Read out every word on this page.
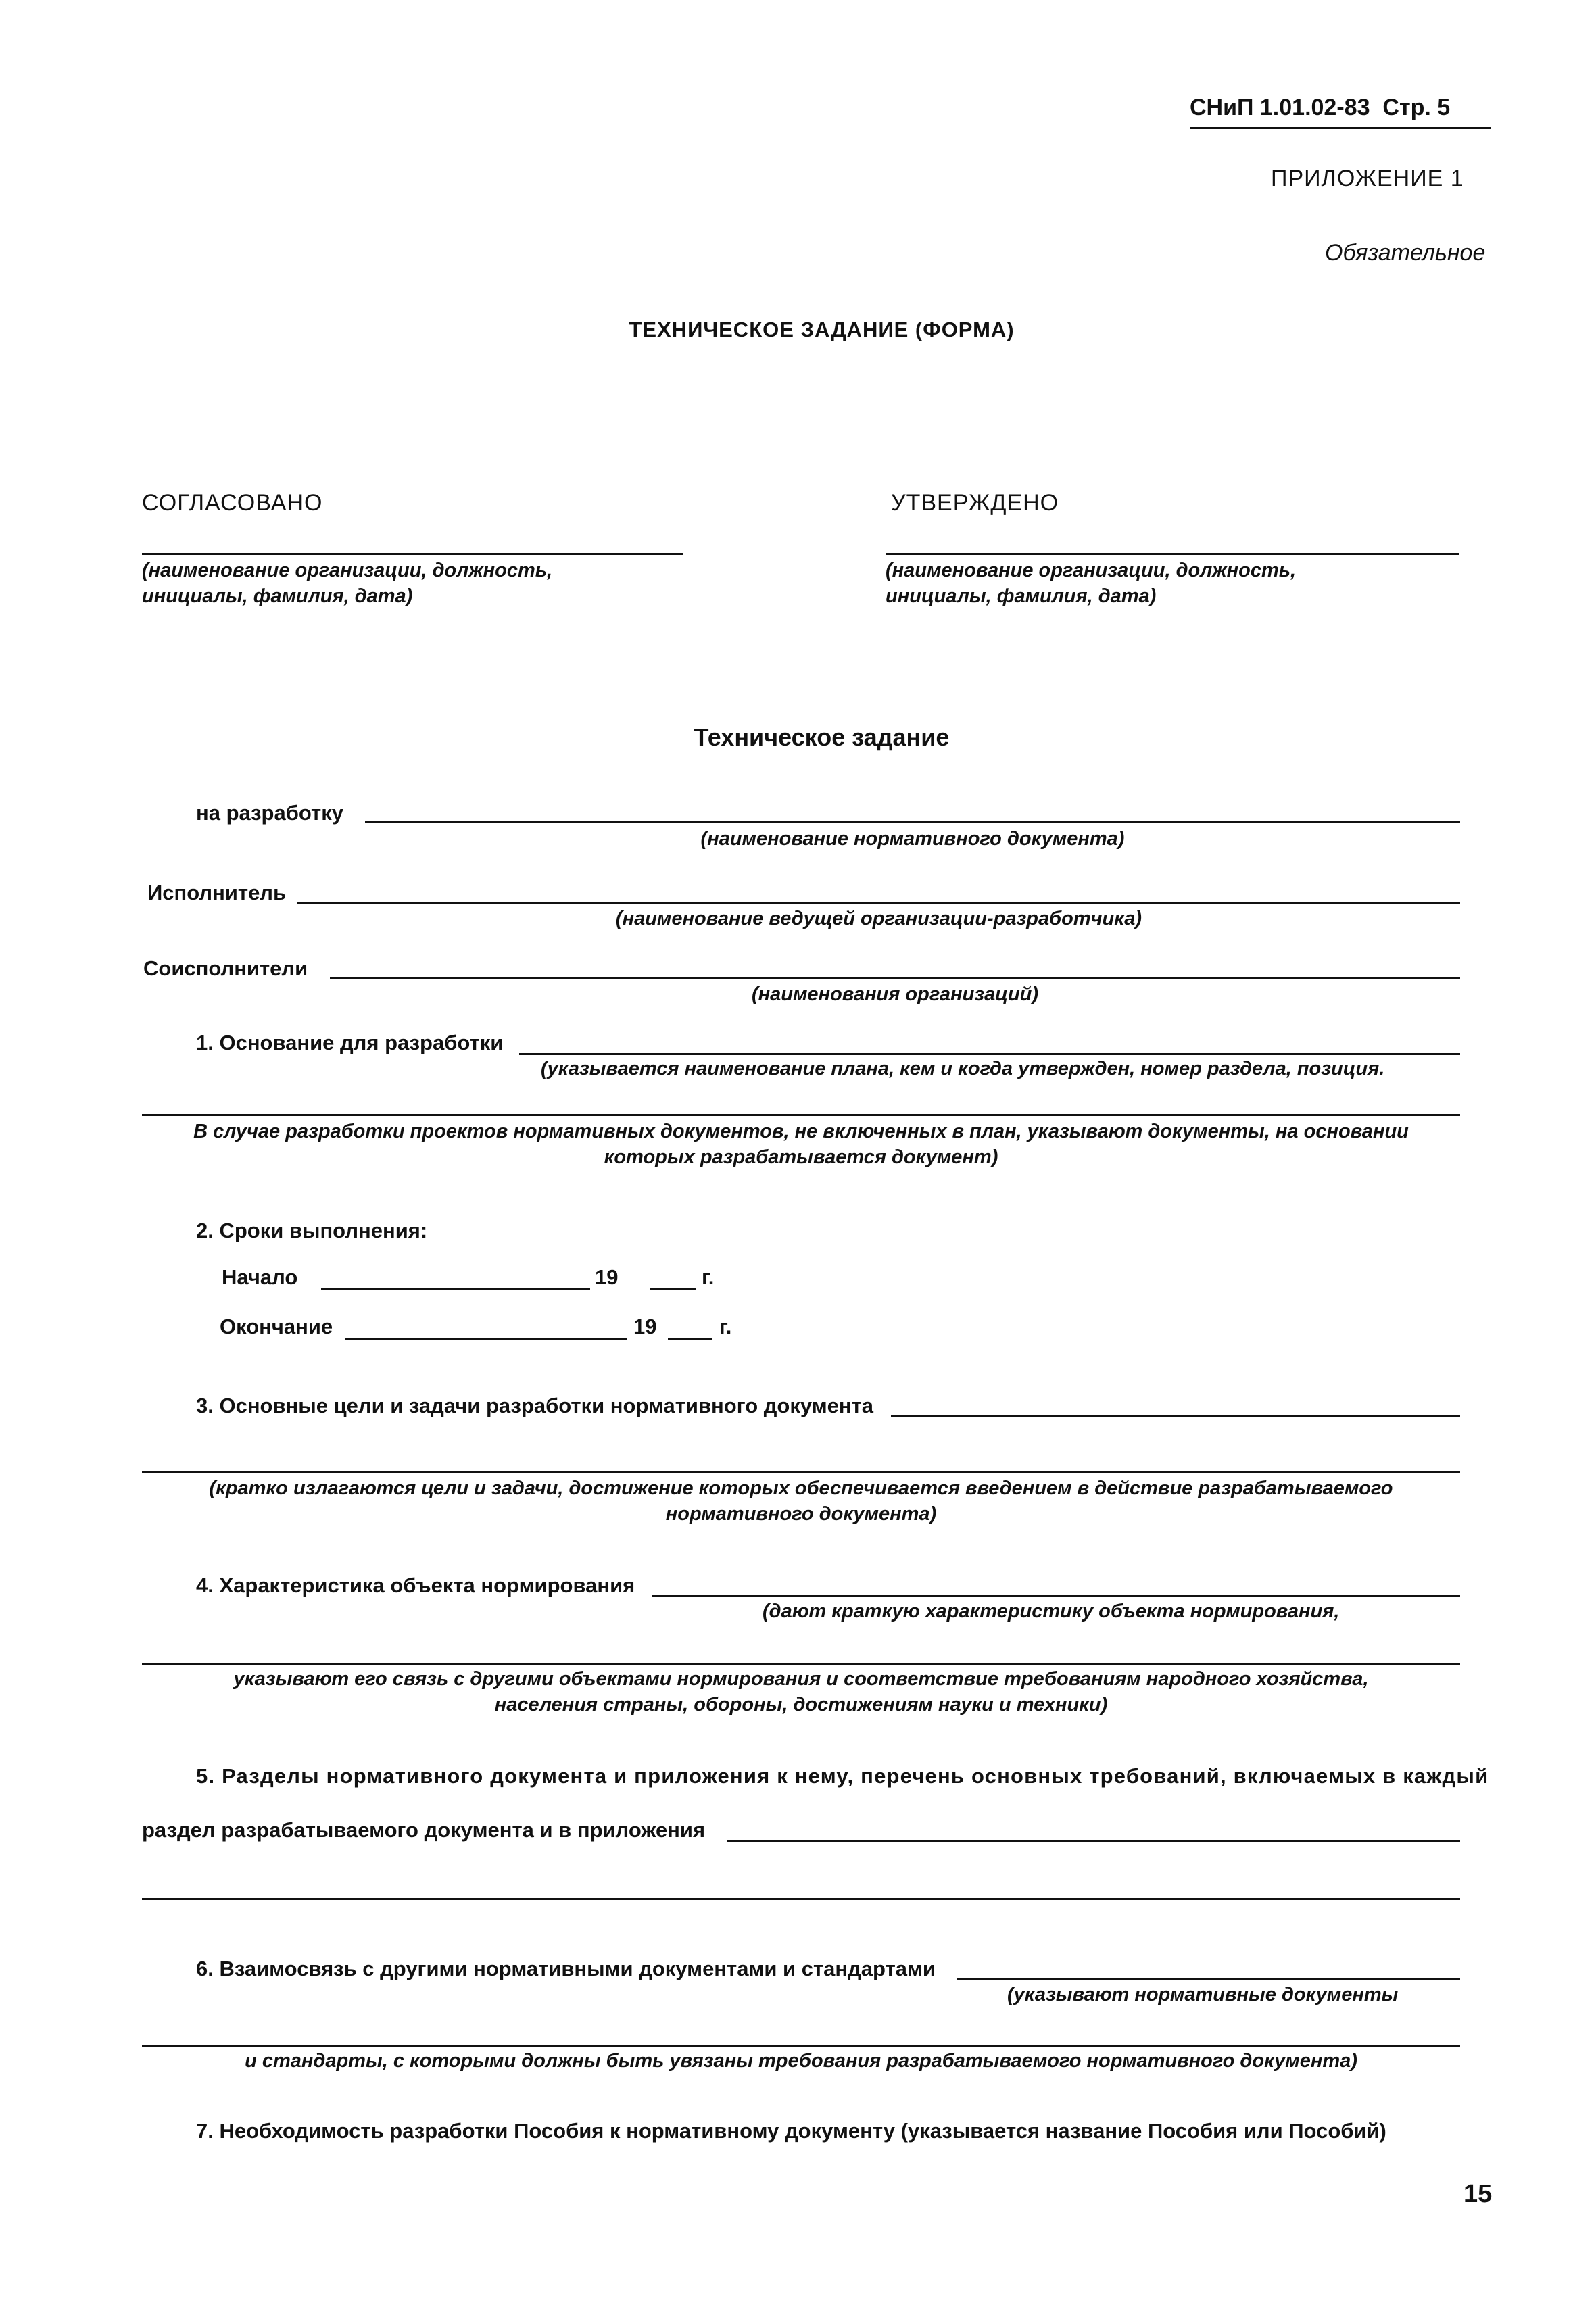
СНиП 1.01.02-83 Стр. 5
ПРИЛОЖЕНИЕ 1
Обязательное
ТЕХНИЧЕСКОЕ ЗАДАНИЕ (ФОРМА)
СОГЛАСОВАНО
(наименование организации, должность,
инициалы, фамилия, дата)
УТВЕРЖДЕНО
(наименование организации, должность,
инициалы, фамилия, дата)
Техническое задание
на разработку
(наименование нормативного документа)
Исполнитель
(наименование ведущей организации-разработчика)
Соисполнители
(наименования организаций)
1. Основание для разработки
(указывается наименование плана, кем и когда утвержден, номер раздела, позиция.
В случае разработки проектов нормативных документов, не включенных в план, указывают документы, на основании
которых разрабатывается документ)
2. Сроки выполнения:
Начало	19	г.
Окончание	19	г.
3. Основные цели и задачи разработки нормативного документа
(кратко излагаются цели и задачи, достижение которых обеспечивается введением в действие разрабатываемого
нормативного документа)
4. Характеристика объекта нормирования
(дают краткую характеристику объекта нормирования,
указывают его связь с другими объектами нормирования и соответствие требованиям народного хозяйства,
населения страны, обороны, достижениям науки и техники)
5. Разделы нормативного документа и приложения к нему, перечень основных требований, включаемых в каждый
раздел разрабатываемого документа и в приложения
6. Взаимосвязь с другими нормативными документами и стандартами
(указывают нормативные документы
и стандарты, с которыми должны быть увязаны требования разрабатываемого нормативного документа)
7. Необходимость разработки Пособия к нормативному документу (указывается название Пособия или Пособий)
15
